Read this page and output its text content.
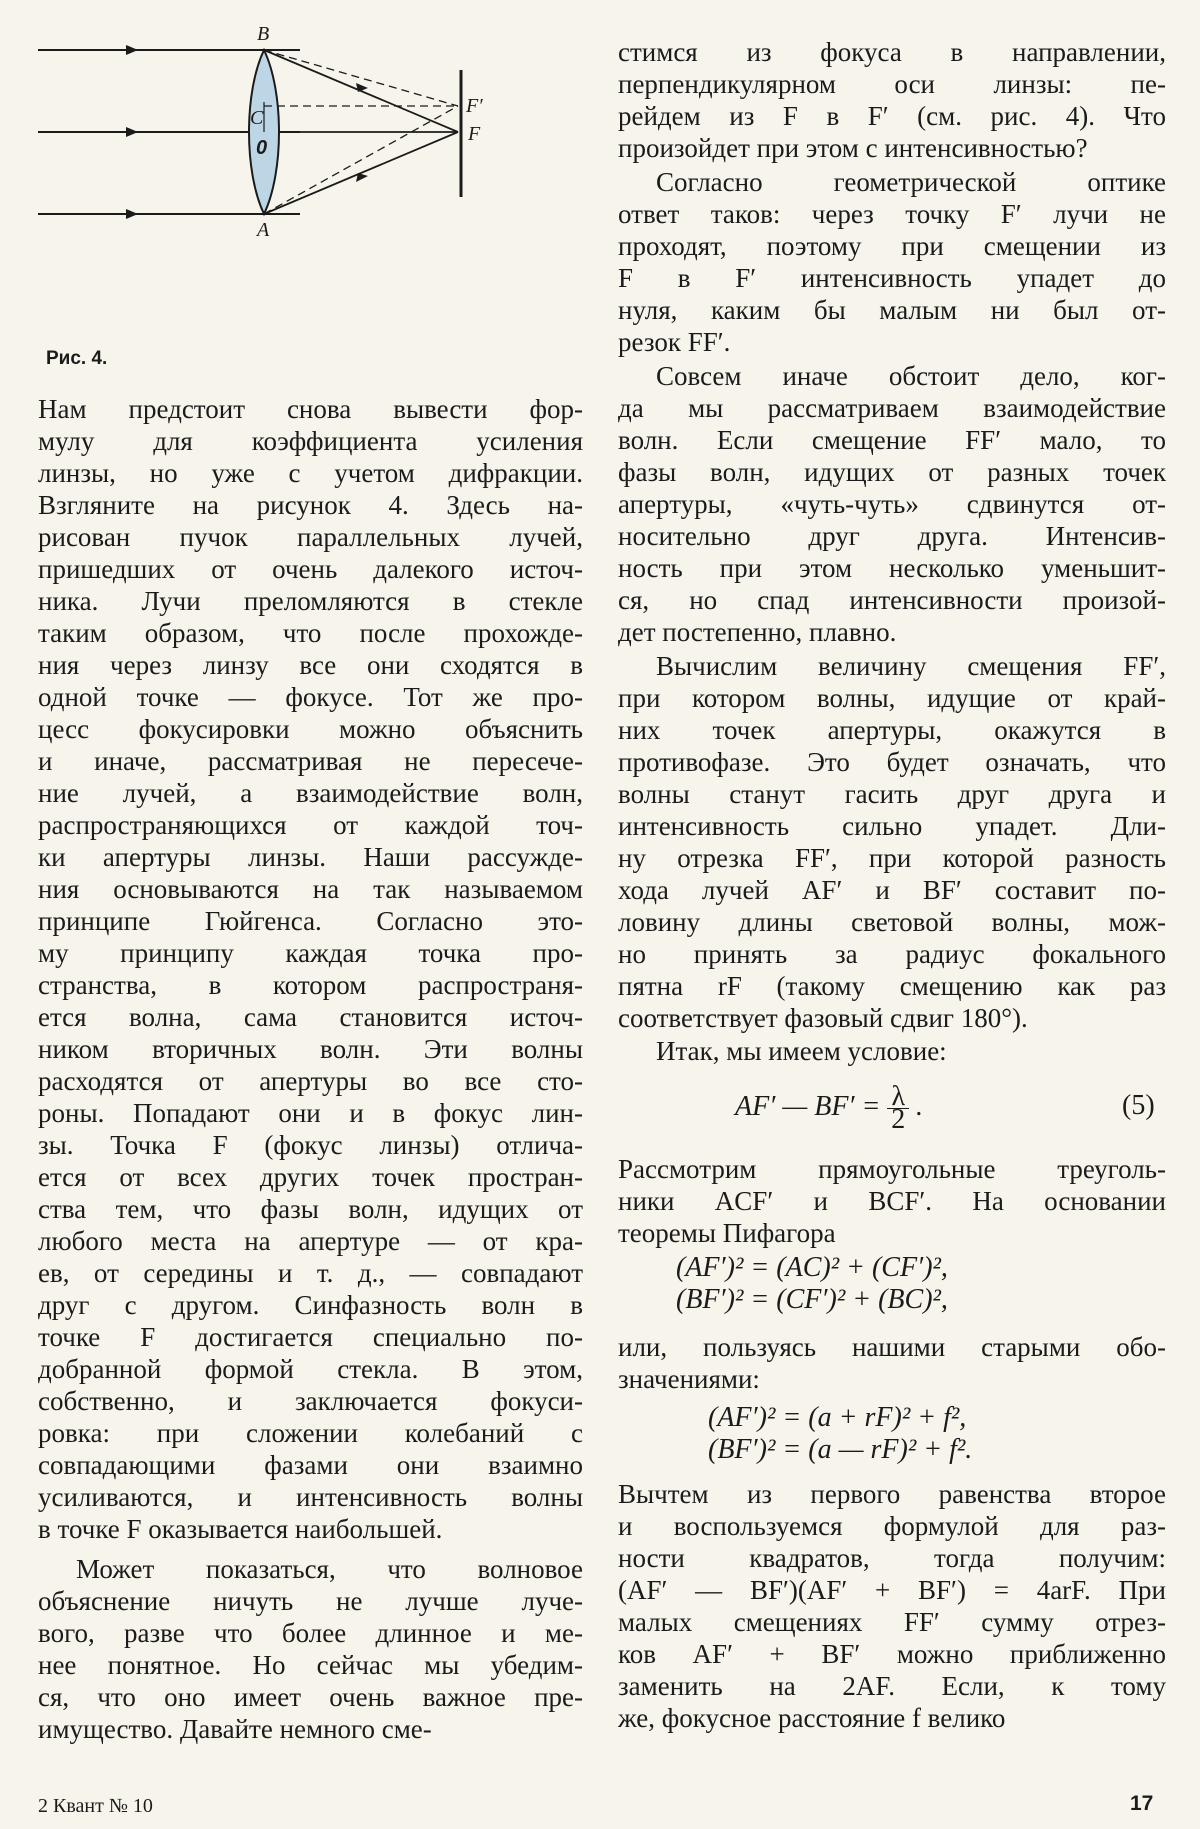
B
A
C
0
F′
F
Рис. 4.
Нам предстоит снова вывести фор-
мулу для коэффициента усиления
линзы, но уже с учетом дифракции.
Взгляните на рисунок 4. Здесь на-
рисован пучок параллельных лучей,
пришедших от очень далекого источ-
ника. Лучи преломляются в стекле
таким образом, что после прохожде-
ния через линзу все они сходятся в
одной точке — фокусе. Тот же про-
цесс фокусировки можно объяснить
и иначе, рассматривая не пересече-
ние лучей, а взаимодействие волн,
распространяющихся от каждой точ-
ки апертуры линзы. Наши рассужде-
ния основываются на так называемом
принципе Гюйгенса. Согласно это-
му принципу каждая точка про-
странства, в котором распространя-
ется волна, сама становится источ-
ником вторичных волн. Эти волны
расходятся от апертуры во все сто-
роны. Попадают они и в фокус лин-
зы. Точка F (фокус линзы) отлича-
ется от всех других точек простран-
ства тем, что фазы волн, идущих от
любого места на апертуре — от кра-
ев, от середины и т. д., — совпадают
друг с другом. Синфазность волн в
точке F достигается специально по-
добранной формой стекла. В этом,
собственно, и заключается фокуси-
ровка: при сложении колебаний с
совпадающими фазами они взаимно
усиливаются, и интенсивность волны
в точке F оказывается наибольшей.
Может показаться, что волновое
объяснение ничуть не лучше луче-
вого, разве что более длинное и ме-
нее понятное. Но сейчас мы убедим-
ся, что оно имеет очень важное пре-
имущество. Давайте немного сме-
стимся из фокуса в направлении,
перпендикулярном оси линзы: пе-
рейдем из F в F′ (см. рис. 4). Что
произойдет при этом с интенсивностью?
Согласно геометрической оптике
ответ таков: через точку F′ лучи не
проходят, поэтому при смещении из
F в F′ интенсивность упадет до
нуля, каким бы малым ни был от-
резок FF′.
Совсем иначе обстоит дело, ког-
да мы рассматриваем взаимодействие
волн. Если смещение FF′ мало, то
фазы волн, идущих от разных точек
апертуры, «чуть-чуть» сдвинутся от-
носительно друг друга. Интенсив-
ность при этом несколько уменьшит-
ся, но спад интенсивности произой-
дет постепенно, плавно.
Вычислим величину смещения FF′,
при котором волны, идущие от край-
них точек апертуры, окажутся в
противофазе. Это будет означать, что
волны станут гасить друг друга и
интенсивность сильно упадет. Дли-
ну отрезка FF′, при которой разность
хода лучей AF′ и BF′ составит по-
ловину длины световой волны, мож-
но принять за радиус фокального
пятна rF (такому смещению как раз
соответствует фазовый сдвиг 180°).
Итак, мы имеем условие:
AF′ — $BF' = \frac{\lambda}{2}$ .	(5)
Рассмотрим прямоугольные треуголь-
ники ACF′ и BCF′. На основании
теоремы Пифагора
(AF′)² = (AC)² + (CF′)²,
(BF′)² = (CF′)² + (BC)²,
или, пользуясь нашими старыми обо-
значениями:
(AF′)² = (a + rF)² + f²,
(BF′)² = (a — rF)² + f².
Вычтем из первого равенства второе
и воспользуемся формулой для раз-
ности квадратов, тогда получим:
(AF′ — BF′)(AF′ + BF′) = 4arF. При
малых смещениях FF′ сумму отрез-
ков AF′ + BF′ можно приближенно
заменить на 2AF. Если, к тому
же, фокусное расстояние f велико
2 Квант № 10	17
